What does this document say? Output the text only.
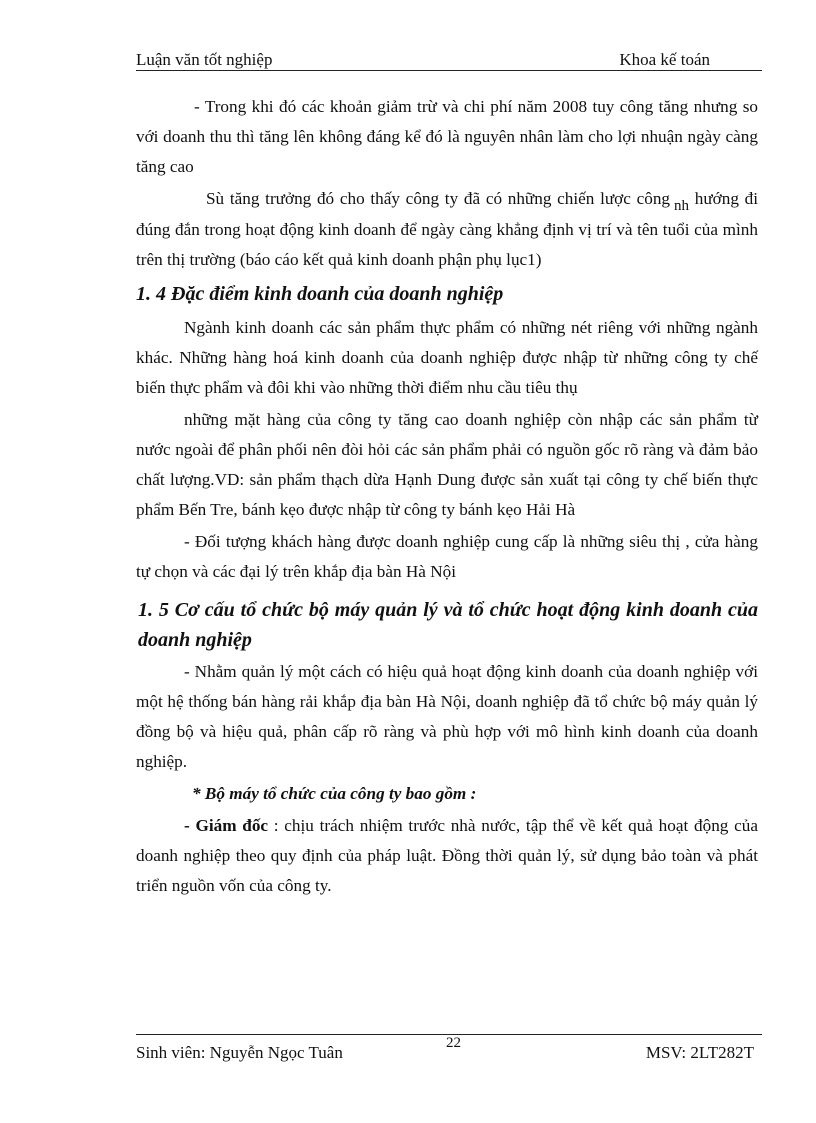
Luận văn tốt nghiệp	Khoa kế toán

- Trong khi đó các khoản giảm trừ và chi phí năm 2008 tuy công tăng nhưng so với doanh thu thì tăng lên không đáng kể đó là nguyên nhân làm cho lợi nhuận ngày càng tăng cao

Sù tăng trưởng đó cho thấy công ty đã có những chiến lược công nh hướng đi đúng đắn trong hoạt động kinh doanh để ngày càng khẳng định vị trí và tên tuổi của mình trên thị trường (báo cáo kết quả kinh doanh phận phụ lục1)

1. 4 Đặc điểm kinh doanh của doanh nghiệp

Ngành kinh doanh các sản phẩm thực phẩm có những nét riêng với những ngành khác. Những hàng hoá kinh doanh của doanh nghiệp được nhập từ những công ty chế biến thực phẩm và đôi khi vào những thời điểm nhu cầu tiêu thụ

những mặt hàng của công ty tăng cao doanh nghiệp còn nhập các sản phẩm từ nước ngoài để phân phối nên đòi hỏi các sản phẩm phải có nguồn gốc rõ ràng và đảm bảo chất lượng.VD: sản phẩm thạch dừa Hạnh Dung được sản xuất tại công ty chế biến thực phẩm Bến Tre, bánh kẹo được nhập từ công ty bánh kẹo Hải Hà

- Đối tượng khách hàng được doanh nghiệp cung cấp là những siêu thị , cửa hàng tự chọn và các đại lý trên khắp địa bàn Hà Nội

1. 5 Cơ cấu tổ chức bộ máy quản lý và tổ chức hoạt động kinh doanh của doanh nghiệp

- Nhằm quản lý một cách có hiệu quả hoạt động kinh doanh của doanh nghiệp với một hệ thống bán hàng rải khắp địa bàn Hà Nội, doanh nghiệp đã tổ chức bộ máy quản lý đồng bộ và hiệu quả, phân cấp rõ ràng và phù hợp với mô hình kinh doanh của doanh nghiệp.

* Bộ máy tổ chức của công ty bao gồm :

- Giám đốc : chịu trách nhiệm trước nhà nước, tập thể về kết quả hoạt động của doanh nghiệp theo quy định của pháp luật. Đồng thời quản lý, sử dụng bảo toàn và phát triển nguồn vốn của công ty.

Sinh viên: Nguyễn Ngọc Tuân	22	MSV: 2LT282T
